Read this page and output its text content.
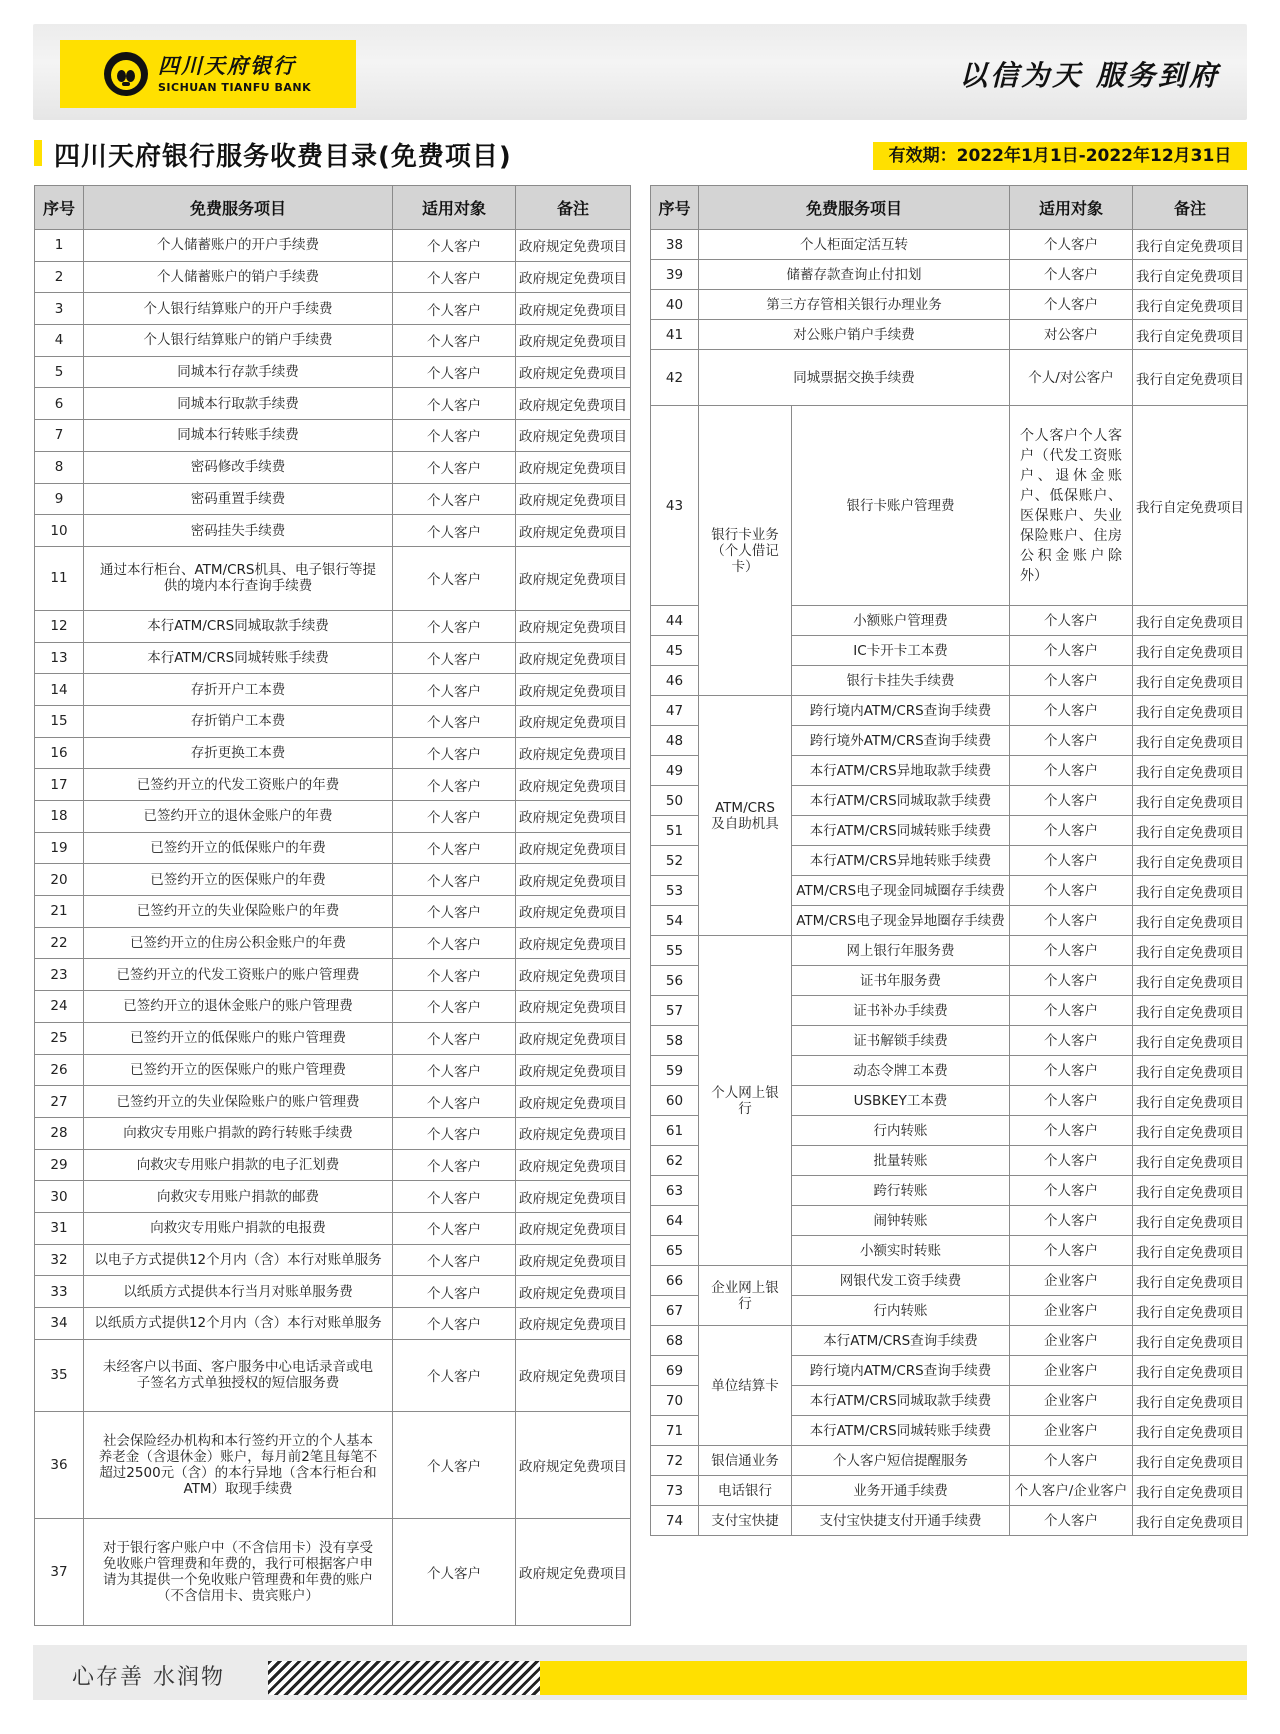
四川天府银行
SICHUAN TIANFU BANK	以信为天 服务到府
四川天府银行服务收费目录(免费项目)	有效期：2022年1月1日-2022年12月31日
序号	免费服务项目	适用对象	备注
1	个人储蓄账户的开户手续费	个人客户	政府规定免费项目
2	个人储蓄账户的销户手续费	个人客户	政府规定免费项目
3	个人银行结算账户的开户手续费	个人客户	政府规定免费项目
4	个人银行结算账户的销户手续费	个人客户	政府规定免费项目
5	同城本行存款手续费	个人客户	政府规定免费项目
6	同城本行取款手续费	个人客户	政府规定免费项目
7	同城本行转账手续费	个人客户	政府规定免费项目
8	密码修改手续费	个人客户	政府规定免费项目
9	密码重置手续费	个人客户	政府规定免费项目
10	密码挂失手续费	个人客户	政府规定免费项目
11	通过本行柜台、ATM/CRS机具、电子银行等提供的境内本行查询手续费	个人客户	政府规定免费项目
12	本行ATM/CRS同城取款手续费	个人客户	政府规定免费项目
13	本行ATM/CRS同城转账手续费	个人客户	政府规定免费项目
14	存折开户工本费	个人客户	政府规定免费项目
15	存折销户工本费	个人客户	政府规定免费项目
16	存折更换工本费	个人客户	政府规定免费项目
17	已签约开立的代发工资账户的年费	个人客户	政府规定免费项目
18	已签约开立的退休金账户的年费	个人客户	政府规定免费项目
19	已签约开立的低保账户的年费	个人客户	政府规定免费项目
20	已签约开立的医保账户的年费	个人客户	政府规定免费项目
21	已签约开立的失业保险账户的年费	个人客户	政府规定免费项目
22	已签约开立的住房公积金账户的年费	个人客户	政府规定免费项目
23	已签约开立的代发工资账户的账户管理费	个人客户	政府规定免费项目
24	已签约开立的退休金账户的账户管理费	个人客户	政府规定免费项目
25	已签约开立的低保账户的账户管理费	个人客户	政府规定免费项目
26	已签约开立的医保账户的账户管理费	个人客户	政府规定免费项目
27	已签约开立的失业保险账户的账户管理费	个人客户	政府规定免费项目
28	向救灾专用账户捐款的跨行转账手续费	个人客户	政府规定免费项目
29	向救灾专用账户捐款的电子汇划费	个人客户	政府规定免费项目
30	向救灾专用账户捐款的邮费	个人客户	政府规定免费项目
31	向救灾专用账户捐款的电报费	个人客户	政府规定免费项目
32	以电子方式提供12个月内（含）本行对账单服务	个人客户	政府规定免费项目
33	以纸质方式提供本行当月对账单服务费	个人客户	政府规定免费项目
34	以纸质方式提供12个月内（含）本行对账单服务	个人客户	政府规定免费项目
35	未经客户以书面、客户服务中心电话录音或电子签名方式单独授权的短信服务费	个人客户	政府规定免费项目
36	社会保险经办机构和本行签约开立的个人基本养老金（含退休金）账户，每月前2笔且每笔不超过2500元（含）的本行异地（含本行柜台和ATM）取现手续费	个人客户	政府规定免费项目
37	对于银行客户账户中（不含信用卡）没有享受免收账户管理费和年费的，我行可根据客户申请为其提供一个免收账户管理费和年费的账户（不含信用卡、贵宾账户）	个人客户	政府规定免费项目
序号	免费服务项目		适用对象	备注
38	个人柜面定活互转		个人客户	我行自定免费项目
39	储蓄存款查询止付扣划		个人客户	我行自定免费项目
40	第三方存管相关银行办理业务		个人客户	我行自定免费项目
41	对公账户销户手续费		对公客户	我行自定免费项目
42	同城票据交换手续费		个人/对公客户	我行自定免费项目
43	银行卡业务（个人借记卡）	银行卡账户管理费	个人客户个人客户（代发工资账户、退休金账户、低保账户、医保账户、失业保险账户、住房公积金账户除外）	我行自定免费项目
44		小额账户管理费	个人客户	我行自定免费项目
45		IC卡开卡工本费	个人客户	我行自定免费项目
46		银行卡挂失手续费	个人客户	我行自定免费项目
47	ATM/CRS及自助机具	跨行境内ATM/CRS查询手续费	个人客户	我行自定免费项目
48		跨行境外ATM/CRS查询手续费	个人客户	我行自定免费项目
49		本行ATM/CRS异地取款手续费	个人客户	我行自定免费项目
50		本行ATM/CRS同城取款手续费	个人客户	我行自定免费项目
51		本行ATM/CRS同城转账手续费	个人客户	我行自定免费项目
52		本行ATM/CRS异地转账手续费	个人客户	我行自定免费项目
53		ATM/CRS电子现金同城圈存手续费	个人客户	我行自定免费项目
54		ATM/CRS电子现金异地圈存手续费	个人客户	我行自定免费项目
55	个人网上银行	网上银行年服务费	个人客户	我行自定免费项目
56		证书年服务费	个人客户	我行自定免费项目
57		证书补办手续费	个人客户	我行自定免费项目
58		证书解锁手续费	个人客户	我行自定免费项目
59		动态令牌工本费	个人客户	我行自定免费项目
60		USBKEY工本费	个人客户	我行自定免费项目
61		行内转账	个人客户	我行自定免费项目
62		批量转账	个人客户	我行自定免费项目
63		跨行转账	个人客户	我行自定免费项目
64		闹钟转账	个人客户	我行自定免费项目
65		小额实时转账	个人客户	我行自定免费项目
66	企业网上银行	网银代发工资手续费	企业客户	我行自定免费项目
67		行内转账	企业客户	我行自定免费项目
68	单位结算卡	本行ATM/CRS查询手续费	企业客户	我行自定免费项目
69		跨行境内ATM/CRS查询手续费	企业客户	我行自定免费项目
70		本行ATM/CRS同城取款手续费	企业客户	我行自定免费项目
71		本行ATM/CRS同城转账手续费	企业客户	我行自定免费项目
72	银信通业务	个人客户短信提醒服务	个人客户	我行自定免费项目
73	电话银行	业务开通手续费	个人客户/企业客户	我行自定免费项目
74	支付宝快捷	支付宝快捷支付开通手续费	个人客户	我行自定免费项目
心存善 水润物
